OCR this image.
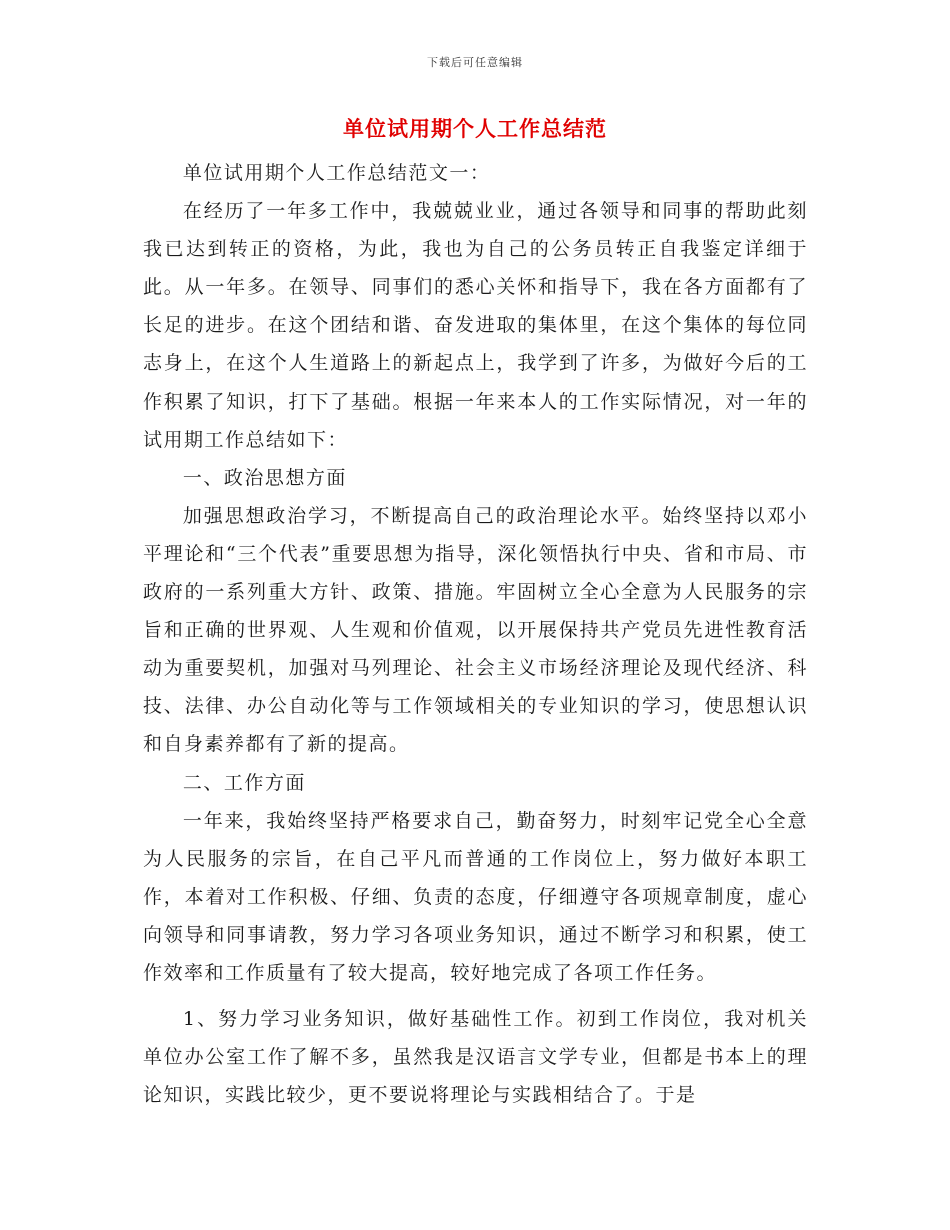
下载后可任意编辑
单位试用期个人工作总结范

单位试用期个人工作总结范文一：

在经历了一年多工作中，我兢兢业业，通过各领导和同事的帮助此刻我已达到转正的资格，为此，我也为自己的公务员转正自我鉴定详细于此。从一年多。在领导、同事们的悉心关怀和指导下，我在各方面都有了长足的进步。在这个团结和谐、奋发进取的集体里，在这个集体的每位同志身上，在这个人生道路上的新起点上，我学到了许多，为做好今后的工作积累了知识，打下了基础。根据一年来本人的工作实际情况，对一年的试用期工作总结如下：

一、政治思想方面

加强思想政治学习，不断提高自己的政治理论水平。始终坚持以邓小平理论和“三个代表”重要思想为指导，深化领悟执行中央、省和市局、市政府的一系列重大方针、政策、措施。牢固树立全心全意为人民服务的宗旨和正确的世界观、人生观和价值观，以开展保持共产党员先进性教育活动为重要契机，加强对马列理论、社会主义市场经济理论及现代经济、科技、法律、办公自动化等与工作领域相关的专业知识的学习，使思想认识和自身素养都有了新的提高。

二、工作方面

一年来，我始终坚持严格要求自己，勤奋努力，时刻牢记党全心全意为人民服务的宗旨，在自己平凡而普通的工作岗位上，努力做好本职工作，本着对工作积极、仔细、负责的态度，仔细遵守各项规章制度，虚心向领导和同事请教，努力学习各项业务知识，通过不断学习和积累，使工作效率和工作质量有了较大提高，较好地完成了各项工作任务。

1、努力学习业务知识，做好基础性工作。初到工作岗位，我对机关单位办公室工作了解不多，虽然我是汉语言文学专业，但都是书本上的理论知识，实践比较少，更不要说将理论与实践相结合了。于是
